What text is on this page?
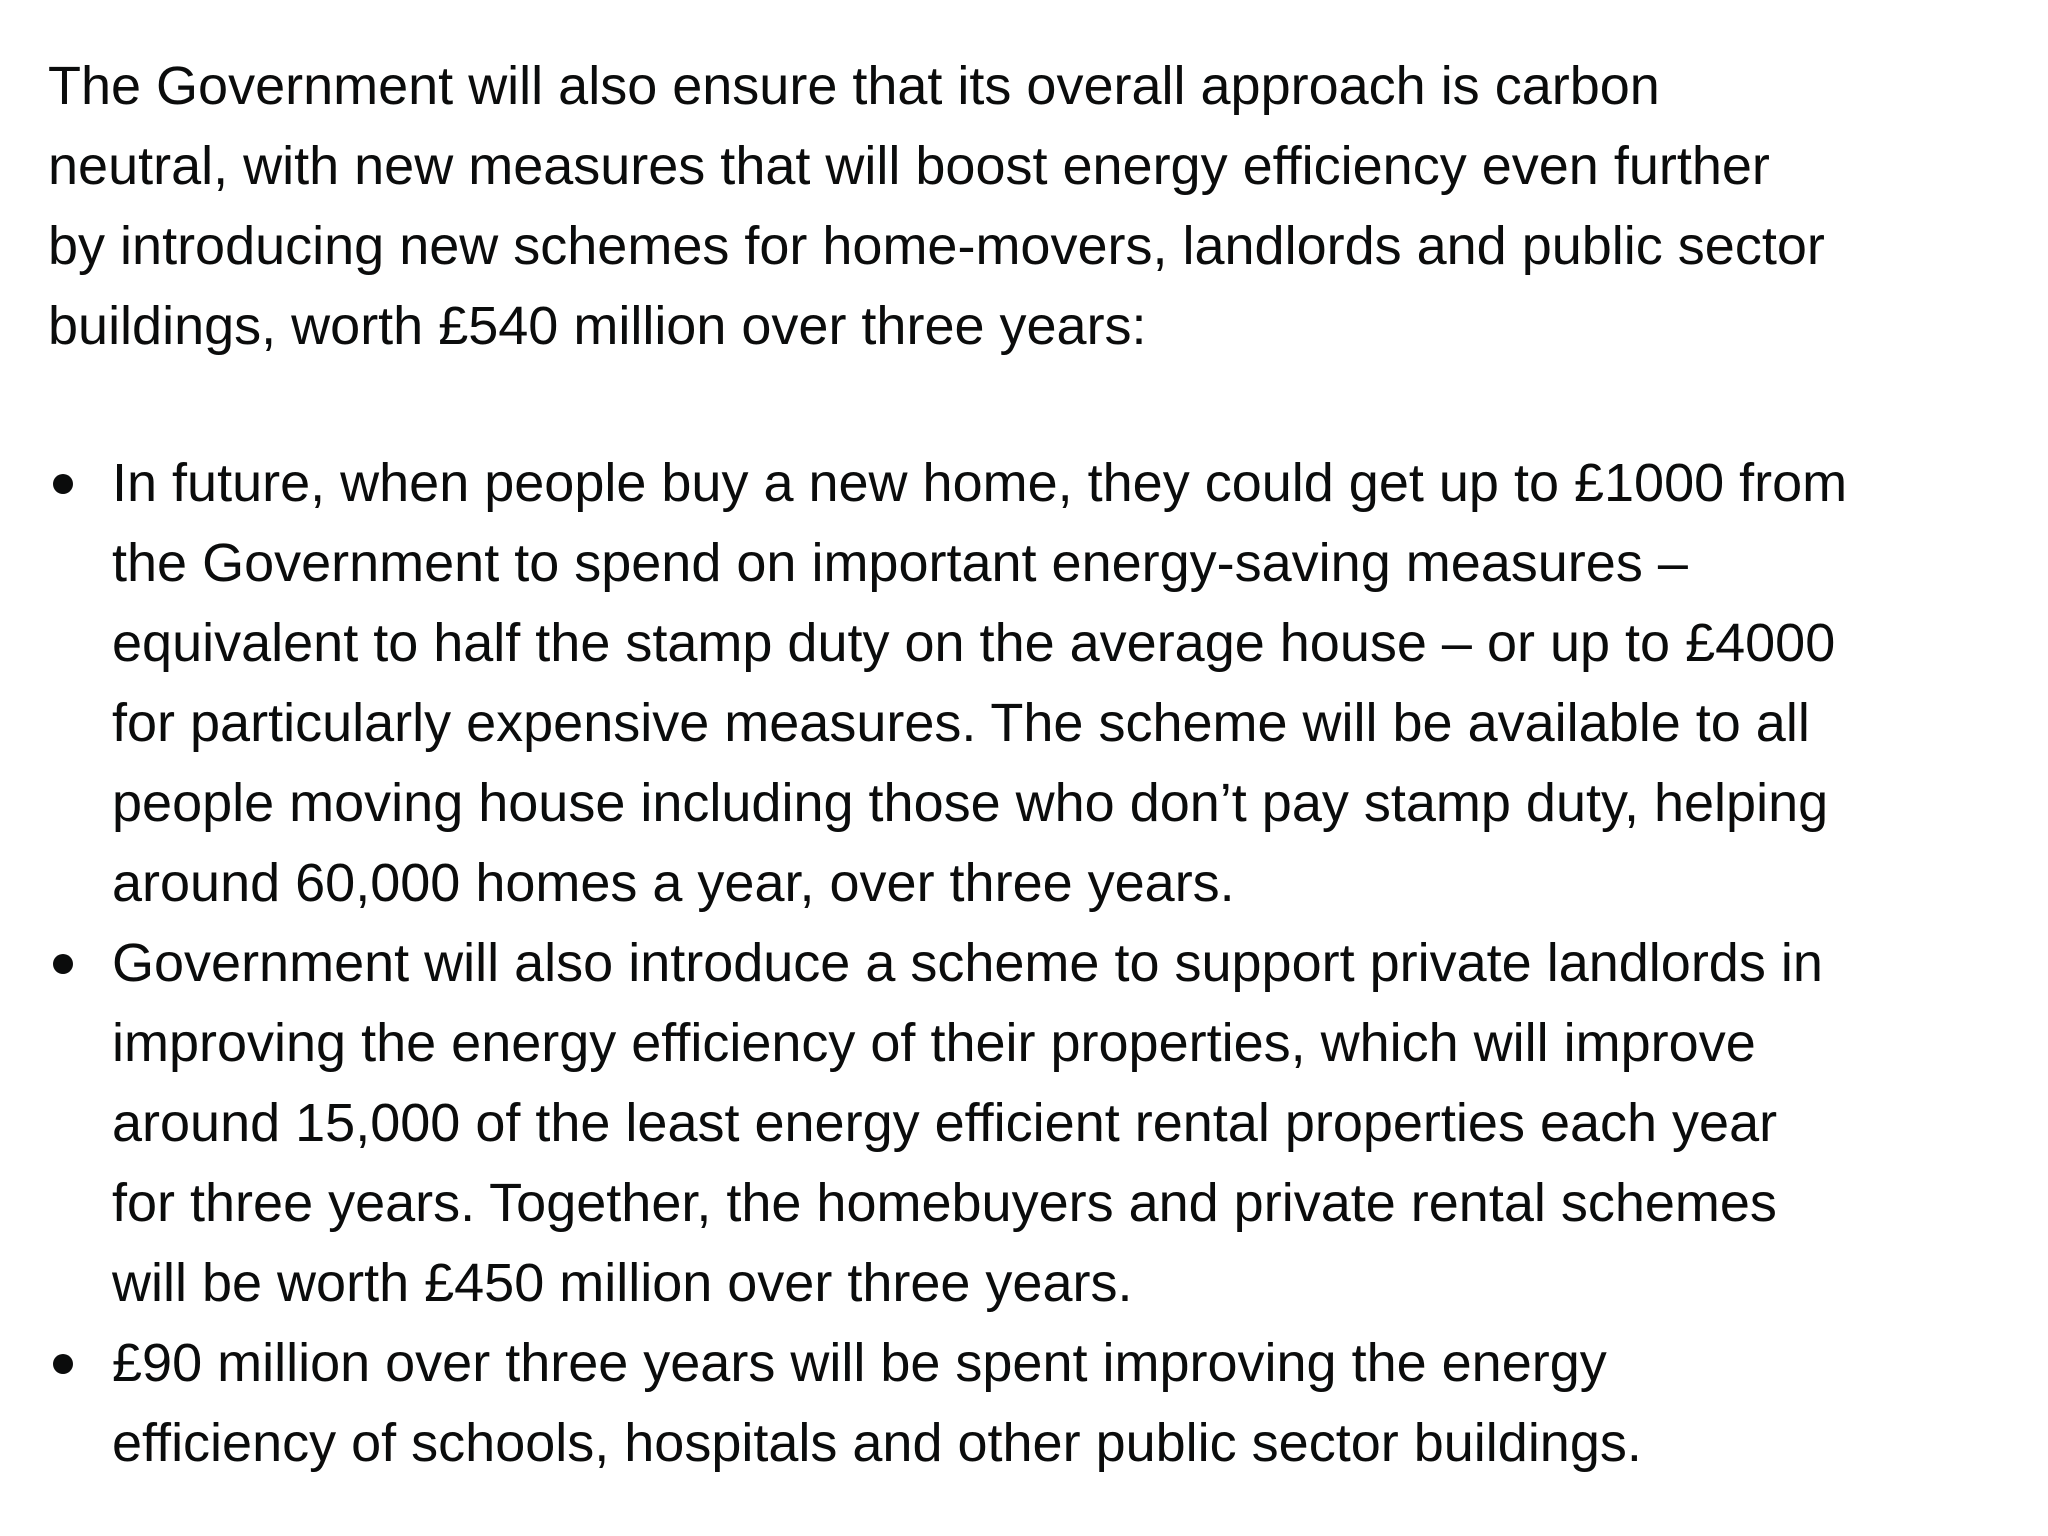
The Government will also ensure that its overall approach is carbon
neutral, with new measures that will boost energy efficiency even further
by introducing new schemes for home-movers, landlords and public sector
buildings, worth £540 million over three years:

In future, when people buy a new home, they could get up to £1000 from
the Government to spend on important energy-saving measures –
equivalent to half the stamp duty on the average house – or up to £4000
for particularly expensive measures. The scheme will be available to all
people moving house including those who don’t pay stamp duty, helping
around 60,000 homes a year, over three years.
Government will also introduce a scheme to support private landlords in
improving the energy efficiency of their properties, which will improve
around 15,000 of the least energy efficient rental properties each year
for three years. Together, the homebuyers and private rental schemes
will be worth £450 million over three years.
£90 million over three years will be spent improving the energy
efficiency of schools, hospitals and other public sector buildings.
